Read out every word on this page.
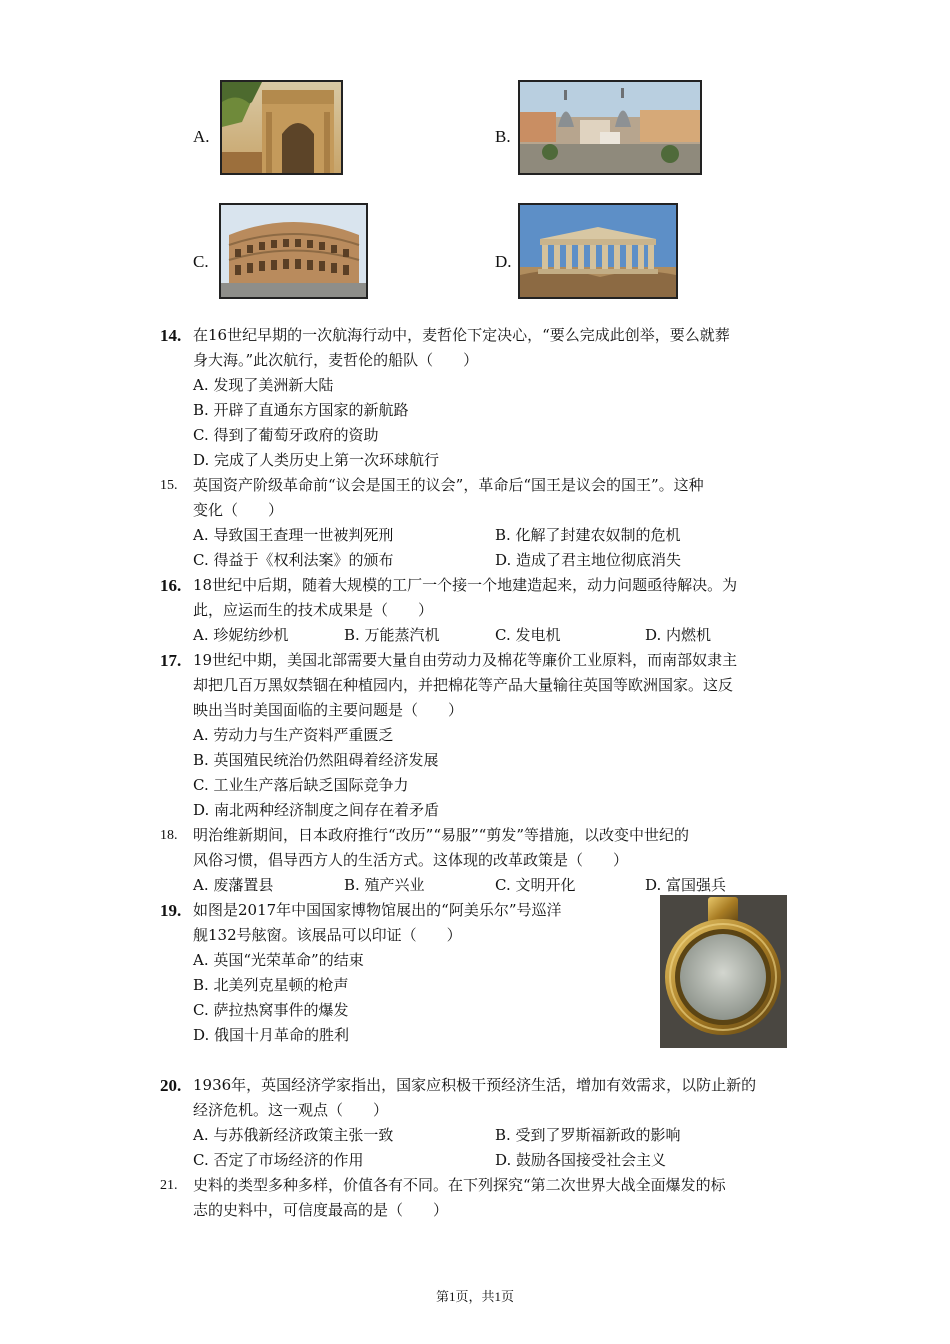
A.	B.
C.	D.
14. 在16世纪早期的一次航海行动中，麦哲伦下定决心，“要么完成此创举，要么就葬
身大海。”此次航行，麦哲伦的船队（　　）
A. 发现了美洲新大陆
B. 开辟了直通东方国家的新航路
C. 得到了葡萄牙政府的资助
D. 完成了人类历史上第一次环球航行
15. 英国资产阶级革命前“议会是国王的议会”，革命后“国王是议会的国王”。这种
变化（　　）
A. 导致国王查理一世被判死刑	B. 化解了封建农奴制的危机
C. 得益于《权利法案》的颁布	D. 造成了君主地位彻底消失
16. 18世纪中后期，随着大规模的工厂一个接一个地建造起来，动力问题亟待解决。为
此，应运而生的技术成果是（　　）
A. 珍妮纺纱机	B. 万能蒸汽机	C. 发电机	D. 内燃机
17. 19世纪中期，美国北部需要大量自由劳动力及棉花等廉价工业原料，而南部奴隶主
却把几百万黑奴禁锢在种植园内，并把棉花等产品大量输往英国等欧洲国家。这反
映出当时美国面临的主要问题是（　　）
A. 劳动力与生产资料严重匮乏
B. 英国殖民统治仍然阻碍着经济发展
C. 工业生产落后缺乏国际竞争力
D. 南北两种经济制度之间存在着矛盾
18. 明治维新期间，日本政府推行“改历”“易服”“剪发”等措施，以改变中世纪的
风俗习惯，倡导西方人的生活方式。这体现的改革政策是（　　）
A. 废藩置县	B. 殖产兴业	C. 文明开化	D. 富国强兵
19. 如图是2017年中国国家博物馆展出的“阿美乐尔”号巡洋
舰132号舷窗。该展品可以印证（　　）
A. 英国“光荣革命”的结束
B. 北美列克星顿的枪声
C. 萨拉热窝事件的爆发
D. 俄国十月革命的胜利
20. 1936年，英国经济学家指出，国家应积极干预经济生活，增加有效需求，以防止新的
经济危机。这一观点（　　）
A. 与苏俄新经济政策主张一致	B. 受到了罗斯福新政的影响
C. 否定了市场经济的作用	D. 鼓励各国接受社会主义
21. 史料的类型多种多样，价值各有不同。在下列探究“第二次世界大战全面爆发的标
志的史料中，可信度最高的是（　　）
第1页，共1页
